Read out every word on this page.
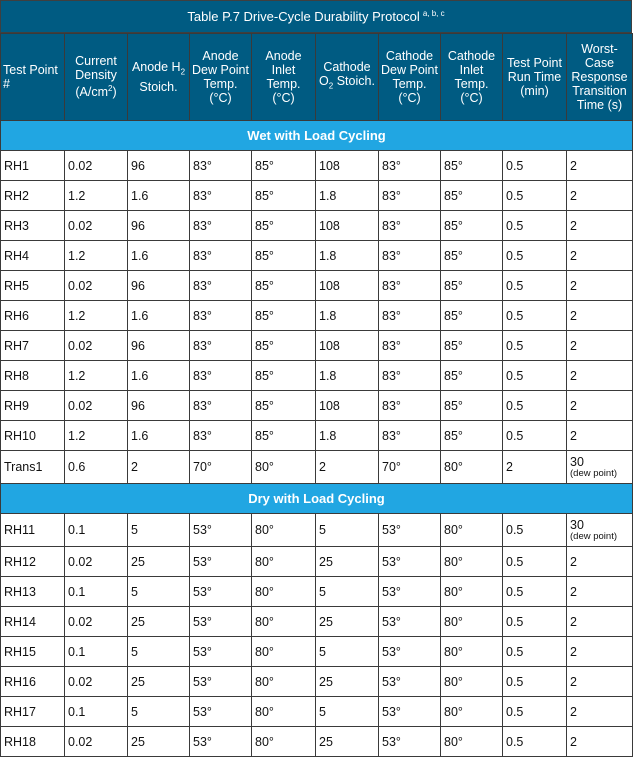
Table P.7 Drive-Cycle Durability Protocol $^{a, b, c}$
Test Point #	Current Density $(A/cm^2)$	Anode $H_2$ Stoich.	Anode Dew Point Temp. (°C)	Anode Inlet Temp. (°C)	Cathode $O_2$ Stoich.	Cathode Dew Point Temp. (°C)	Cathode Inlet Temp. (°C)	Test Point Run Time (min)	Worst-Case Response Transition Time (s)
Wet with Load Cycling									
RH1	0.02	96	83°	85°	108	83°	85°	0.5	2
RH2	1.2	1.6	83°	85°	1.8	83°	85°	0.5	2
RH3	0.02	96	83°	85°	108	83°	85°	0.5	2
RH4	1.2	1.6	83°	85°	1.8	83°	85°	0.5	2
RH5	0.02	96	83°	85°	108	83°	85°	0.5	2
RH6	1.2	1.6	83°	85°	1.8	83°	85°	0.5	2
RH7	0.02	96	83°	85°	108	83°	85°	0.5	2
RH8	1.2	1.6	83°	85°	1.8	83°	85°	0.5	2
RH9	0.02	96	83°	85°	108	83°	85°	0.5	2
RH10	1.2	1.6	83°	85°	1.8	83°	85°	0.5	2
Trans1	0.6	2	70°	80°	2	70°	80°	2	30
(dew point)

Dry with Load Cycling									
RH11	0.1	5	53°	80°	5	53°	80°	0.5	30
(dew point)

RH12	0.02	25	53°	80°	25	53°	80°	0.5	2
RH13	0.1	5	53°	80°	5	53°	80°	0.5	2
RH14	0.02	25	53°	80°	25	53°	80°	0.5	2
RH15	0.1	5	53°	80°	5	53°	80°	0.5	2
RH16	0.02	25	53°	80°	25	53°	80°	0.5	2
RH17	0.1	5	53°	80°	5	53°	80°	0.5	2
RH18	0.02	25	53°	80°	25	53°	80°	0.5	2
